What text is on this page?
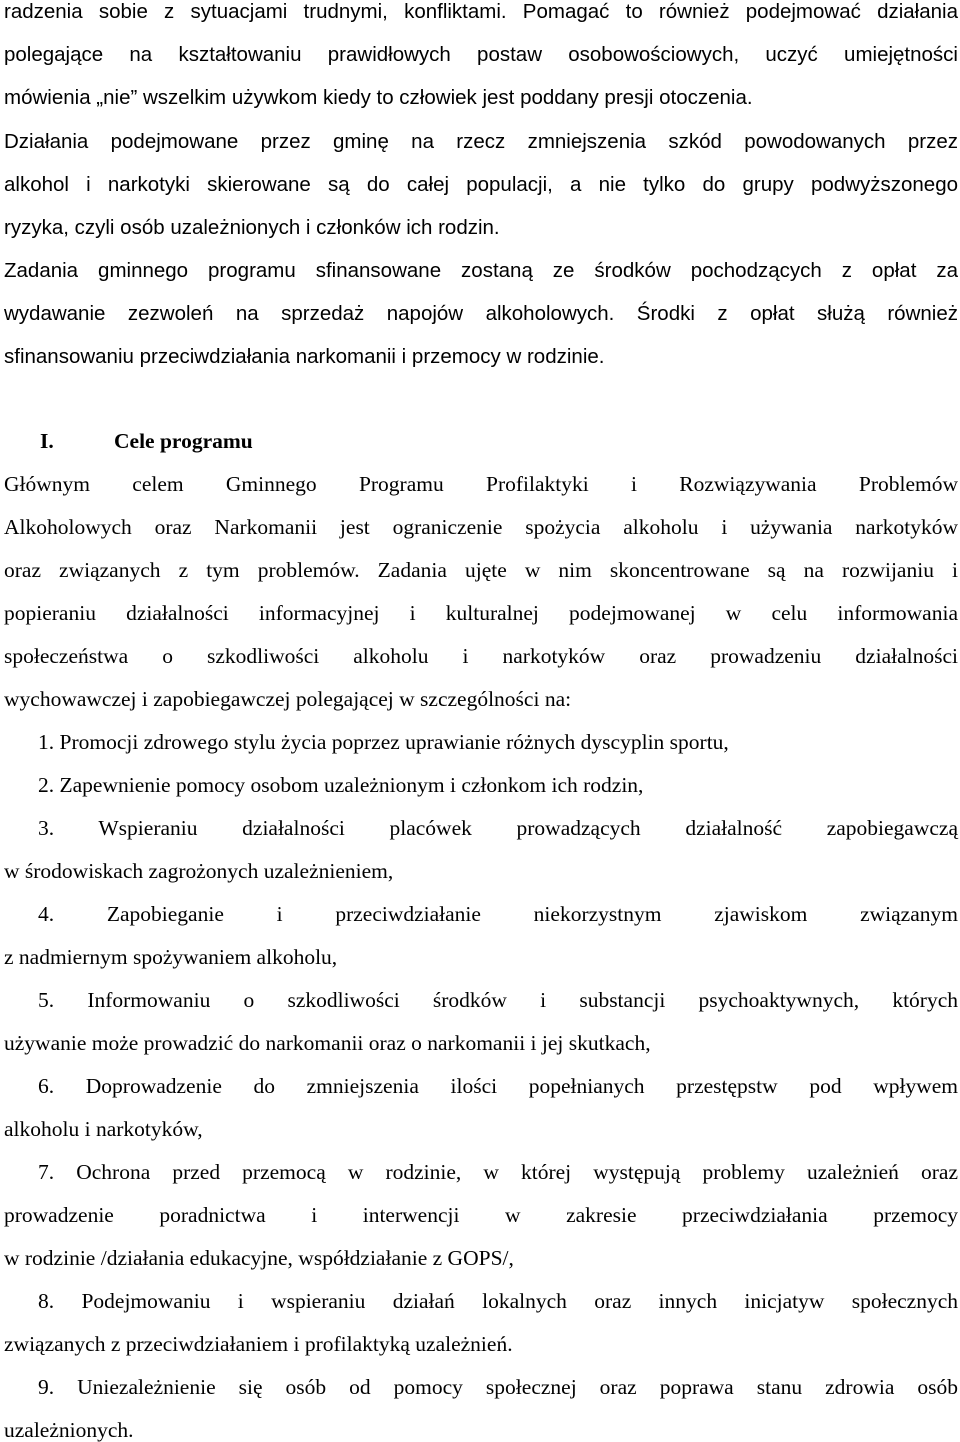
radzenia sobie z sytuacjami trudnymi, konfliktami. Pomagać to również podejmować działania
polegające na kształtowaniu prawidłowych postaw osobowościowych, uczyć umiejętności
mówienia „nie” wszelkim używkom kiedy to człowiek jest poddany presji otoczenia.
Działania podejmowane przez gminę na rzecz zmniejszenia szkód powodowanych przez
alkohol i narkotyki skierowane są do całej populacji, a nie tylko do grupy podwyższonego
ryzyka, czyli osób uzależnionych i członków ich rodzin.
Zadania gminnego programu sfinansowane zostaną ze środków pochodzących z opłat za
wydawanie zezwoleń na sprzedaż napojów alkoholowych. Środki z opłat służą również
sfinansowaniu przeciwdziałania narkomanii i przemocy w rodzinie.
I.	Cele programu
Głównym celem Gminnego Programu Profilaktyki i Rozwiązywania Problemów
Alkoholowych oraz Narkomanii jest ograniczenie spożycia alkoholu i używania narkotyków
oraz związanych z tym problemów. Zadania ujęte w nim skoncentrowane są na rozwijaniu i
popieraniu działalności informacyjnej i kulturalnej podejmowanej w celu informowania
społeczeństwa o szkodliwości alkoholu i narkotyków oraz prowadzeniu działalności
wychowawczej i zapobiegawczej polegającej w szczególności na:
1. Promocji zdrowego stylu życia poprzez uprawianie różnych dyscyplin sportu,
2. Zapewnienie pomocy osobom uzależnionym i członkom ich rodzin,
3. Wspieraniu działalności placówek prowadzących działalność zapobiegawczą
w środowiskach zagrożonych uzależnieniem,
4. Zapobieganie i przeciwdziałanie niekorzystnym zjawiskom związanym
z nadmiernym spożywaniem alkoholu,
5. Informowaniu o szkodliwości środków i substancji psychoaktywnych, których
używanie może prowadzić do narkomanii oraz o narkomanii i jej skutkach,
6. Doprowadzenie do zmniejszenia ilości popełnianych przestępstw pod wpływem
alkoholu i narkotyków,
7. Ochrona przed przemocą w rodzinie, w której występują problemy uzależnień oraz
prowadzenie poradnictwa i interwencji w zakresie przeciwdziałania przemocy
w rodzinie /działania edukacyjne, współdziałanie z GOPS/,
8. Podejmowaniu i wspieraniu działań lokalnych oraz innych inicjatyw społecznych
związanych z przeciwdziałaniem i profilaktyką uzależnień.
9. Uniezależnienie się osób od pomocy społecznej oraz poprawa stanu zdrowia osób
uzależnionych.
